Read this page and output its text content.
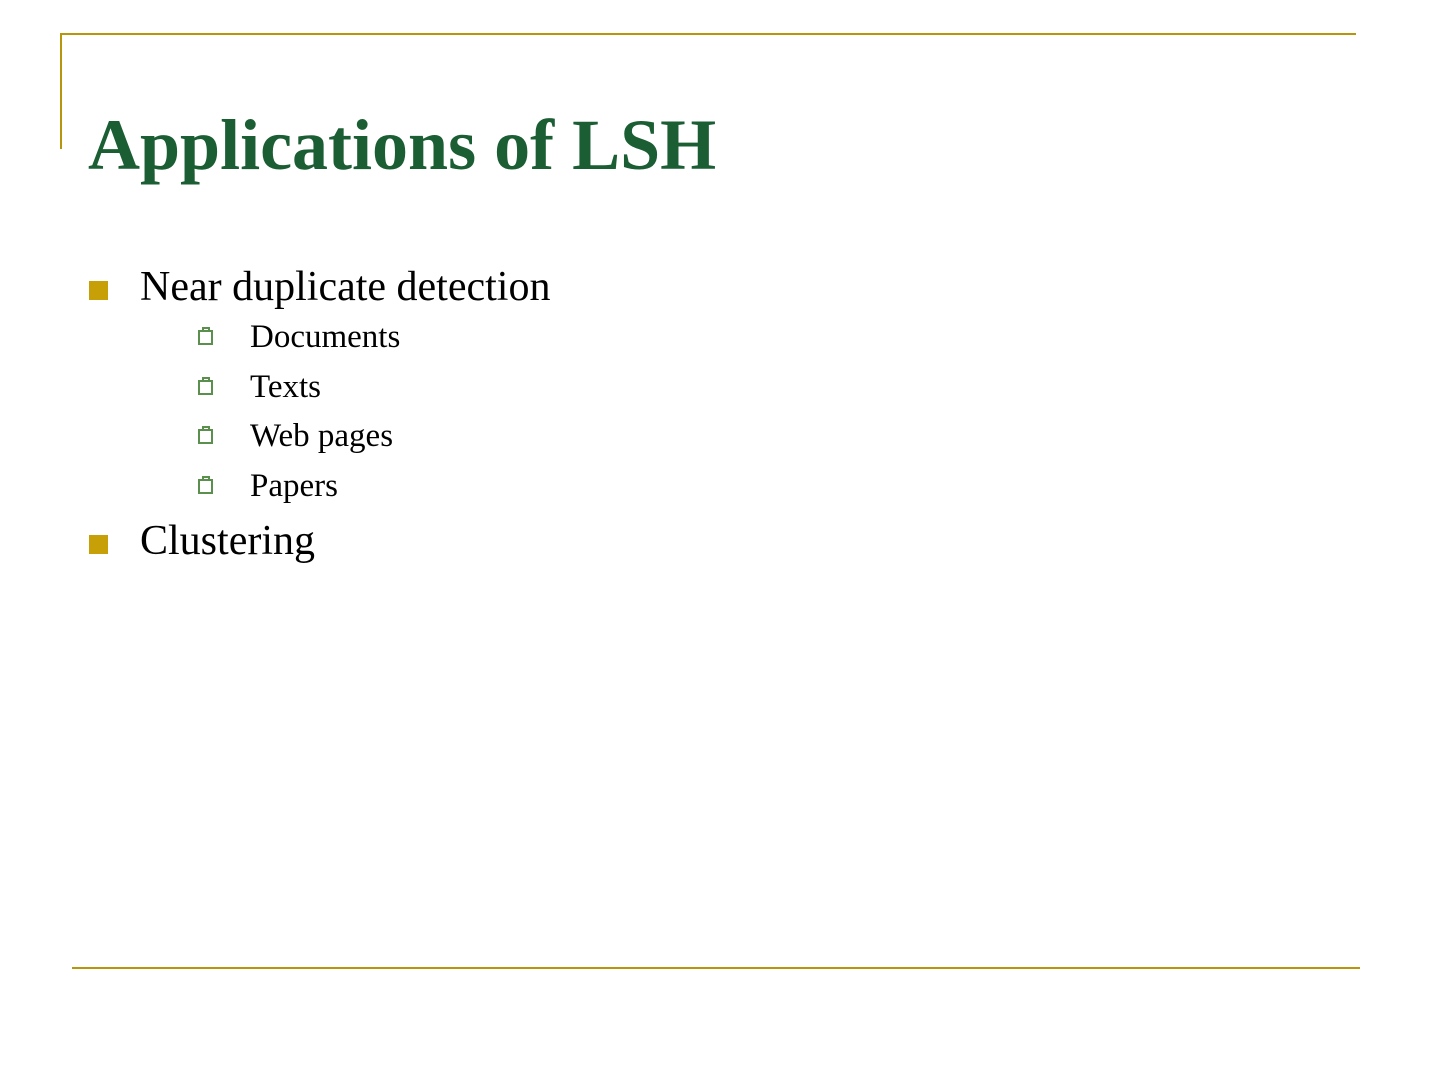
Applications of LSH
Near duplicate detection
Documents
Texts
Web pages
Papers
Clustering
